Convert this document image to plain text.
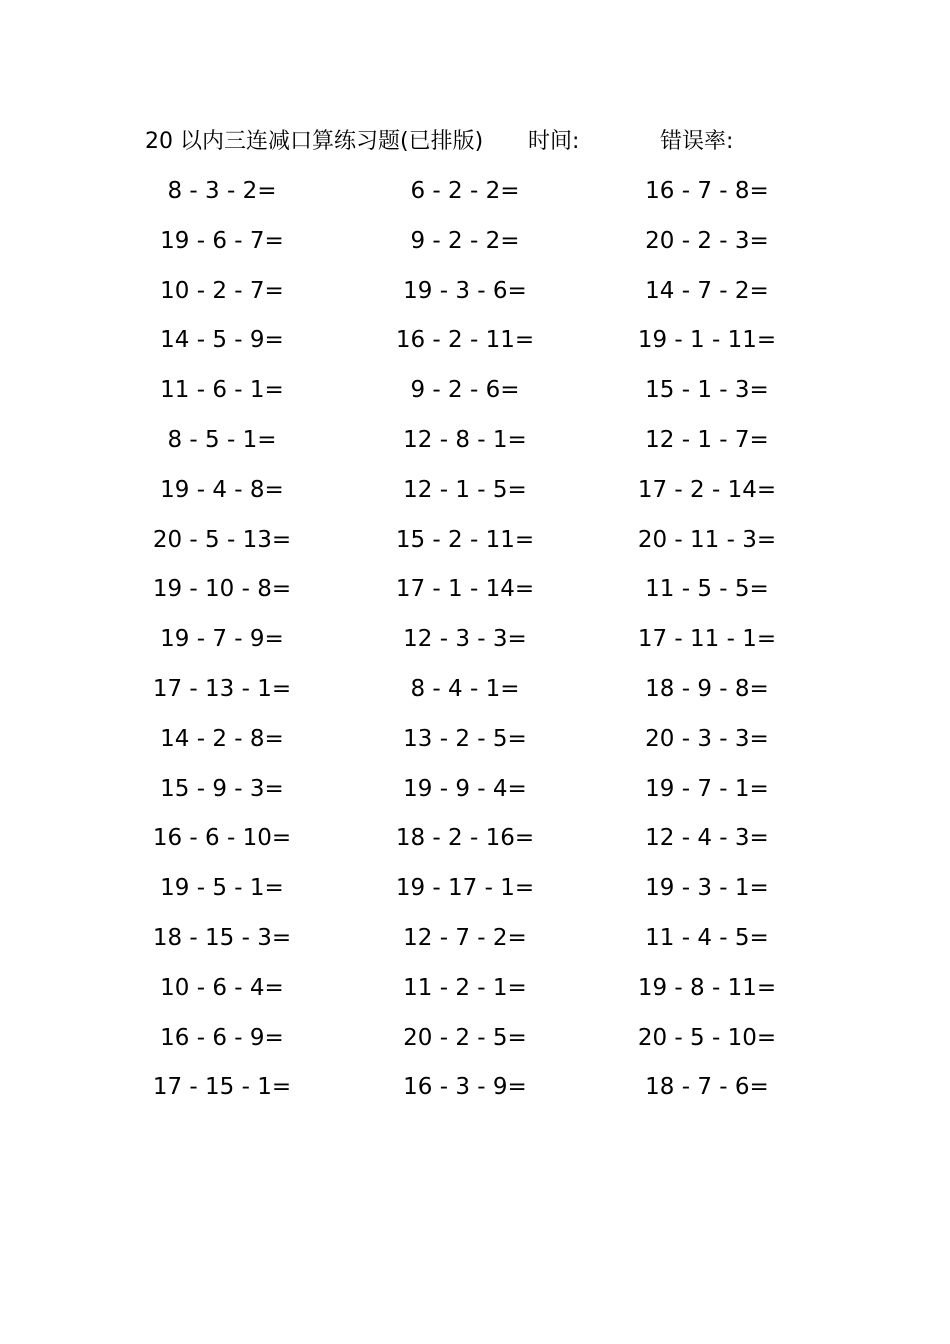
20 以内三连减口算练习题(已排版) 时间:	错误率:
8 - 3 - 2=	6 - 2 - 2=	16 - 7 - 8=
19 - 6 - 7=	9 - 2 - 2=	20 - 2 - 3=
10 - 2 - 7=	19 - 3 - 6=	14 - 7 - 2=
14 - 5 - 9=	16 - 2 - 11=	19 - 1 - 11=
11 - 6 - 1=	9 - 2 - 6=	15 - 1 - 3=
8 - 5 - 1=	12 - 8 - 1=	12 - 1 - 7=
19 - 4 - 8=	12 - 1 - 5=	17 - 2 - 14=
20 - 5 - 13=	15 - 2 - 11=	20 - 11 - 3=
19 - 10 - 8=	17 - 1 - 14=	11 - 5 - 5=
19 - 7 - 9=	12 - 3 - 3=	17 - 11 - 1=
17 - 13 - 1=	8 - 4 - 1=	18 - 9 - 8=
14 - 2 - 8=	13 - 2 - 5=	20 - 3 - 3=
15 - 9 - 3=	19 - 9 - 4=	19 - 7 - 1=
16 - 6 - 10=	18 - 2 - 16=	12 - 4 - 3=
19 - 5 - 1=	19 - 17 - 1=	19 - 3 - 1=
18 - 15 - 3=	12 - 7 - 2=	11 - 4 - 5=
10 - 6 - 4=	11 - 2 - 1=	19 - 8 - 11=
16 - 6 - 9=	20 - 2 - 5=	20 - 5 - 10=
17 - 15 - 1=	16 - 3 - 9=	18 - 7 - 6=
